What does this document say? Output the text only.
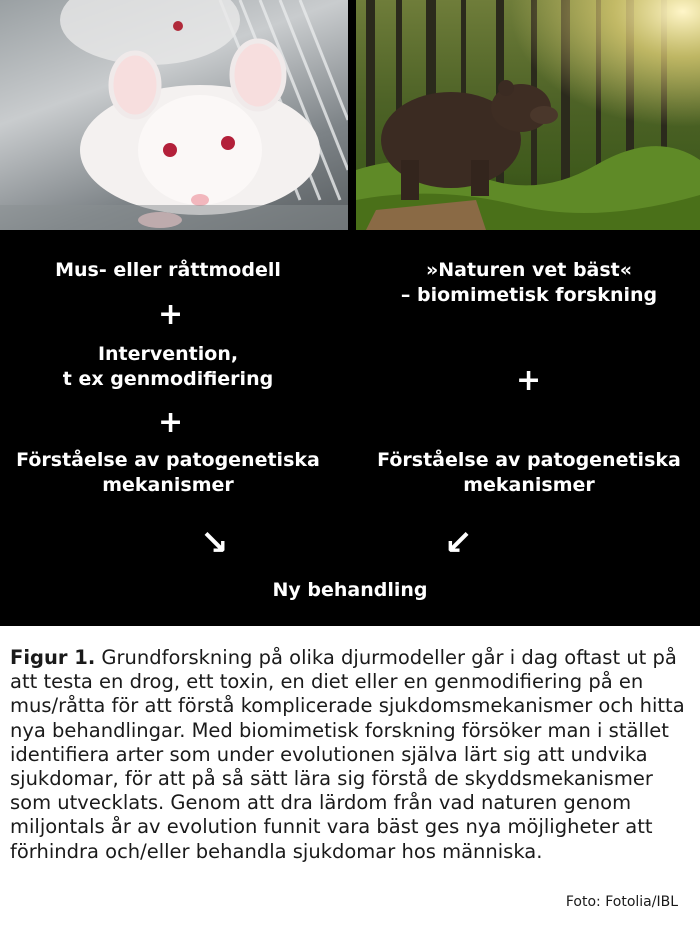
Mus- eller råttmodell
+
Intervention,
t ex genmodifiering
+
Förståelse av patogenetiska
mekanismer
»Naturen vet bäst«
– biomimetisk forskning
+
Förståelse av patogenetiska
mekanismer
↘	↙
Ny behandling

Figur 1. Grundforskning på olika djurmodeller går i dag oftast ut på att testa en drog, ett toxin, en diet eller en genmodifiering på en mus/råtta för att förstå komplicerade sjukdomsmekanismer och hitta nya behandlingar. Med biomimetisk forskning försöker man i stället identifiera arter som under evolutionen själva lärt sig att undvika sjukdomar, för att på så sätt lära sig förstå de skyddsmekanismer som utvecklats. Genom att dra lärdom från vad naturen genom miljontals år av evolution funnit vara bäst ges nya möjligheter att förhindra och/eller behandla sjukdomar hos människa.

Foto: Fotolia/IBL
